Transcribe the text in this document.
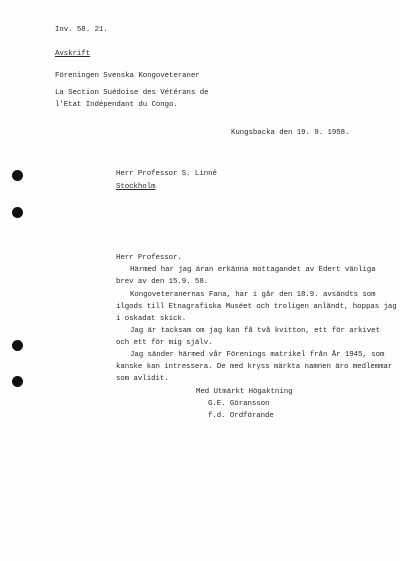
Inv. 58. 21.
Avskrift
Föreningen Svenska Kongoveteraner
La Section Suédoise des Vétérans de
l'Etat Indépendant du Congo.
Kungsbacka den 19. 9. 1958.
Herr Professor S. Linné
Stockholm
Herr Professor.
Härmed har jag äran erkänna mottagandet av Edert vänliga
brev av den 15.9. 58.
Kongoveteranernas Fana, har i går den 18.9. avsändts som
ilgods till Etnagrafiska Muséet och troligen anländt, hoppas jag
i oskadat skick.
Jag är tacksam om jag kan få två kvitton, ett för arkivet
och ett för mig själv.
Jag sänder härmed vår Förenings matrikel från År 1945, som
kanske kan intressera. De med kryss märkta namnen äro medlemmar
som avlidit.
Med Utmärkt Högaktning
G.E. Göransson
f.d. Ordförande
